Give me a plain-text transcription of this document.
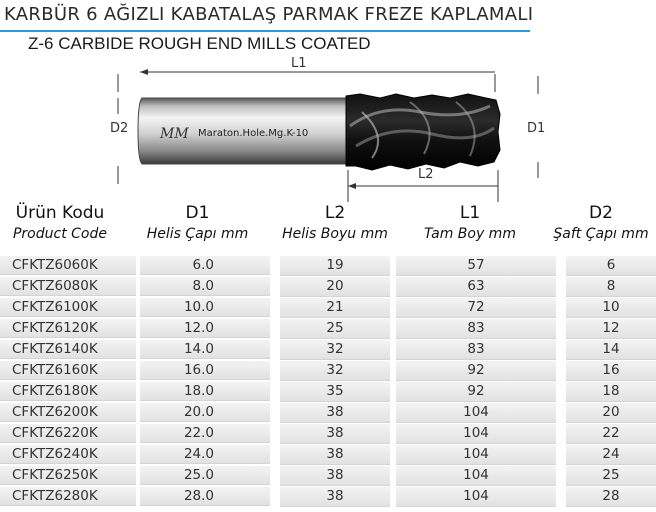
KARBÜR 6 AĞIZLI KABATALAŞ PARMAK FREZE KAPLAMALI
Z-6 CARBIDE ROUGH END MILLS COATED
Maraton.Hole.Mg.K-10
MM
L1
D2	D1
L2
Ürün Kodu
Product Code
D1
Helis Çapı mm
L2
Helis Boyu mm
L1
Tam Boy mm
D2
Şaft Çapı mm
CFKTZ6060K	6.0	19	57	6
CFKTZ6080K	8.0	20	63	8
CFKTZ6100K	10.0	21	72	10
CFKTZ6120K	12.0	25	83	12
CFKTZ6140K	14.0	32	83	14
CFKTZ6160K	16.0	32	92	16
CFKTZ6180K	18.0	35	92	18
CFKTZ6200K	20.0	38	104	20
CFKTZ6220K	22.0	38	104	22
CFKTZ6240K	24.0	38	104	24
CFKTZ6250K	25.0	38	104	25
CFKTZ6280K	28.0	38	104	28
